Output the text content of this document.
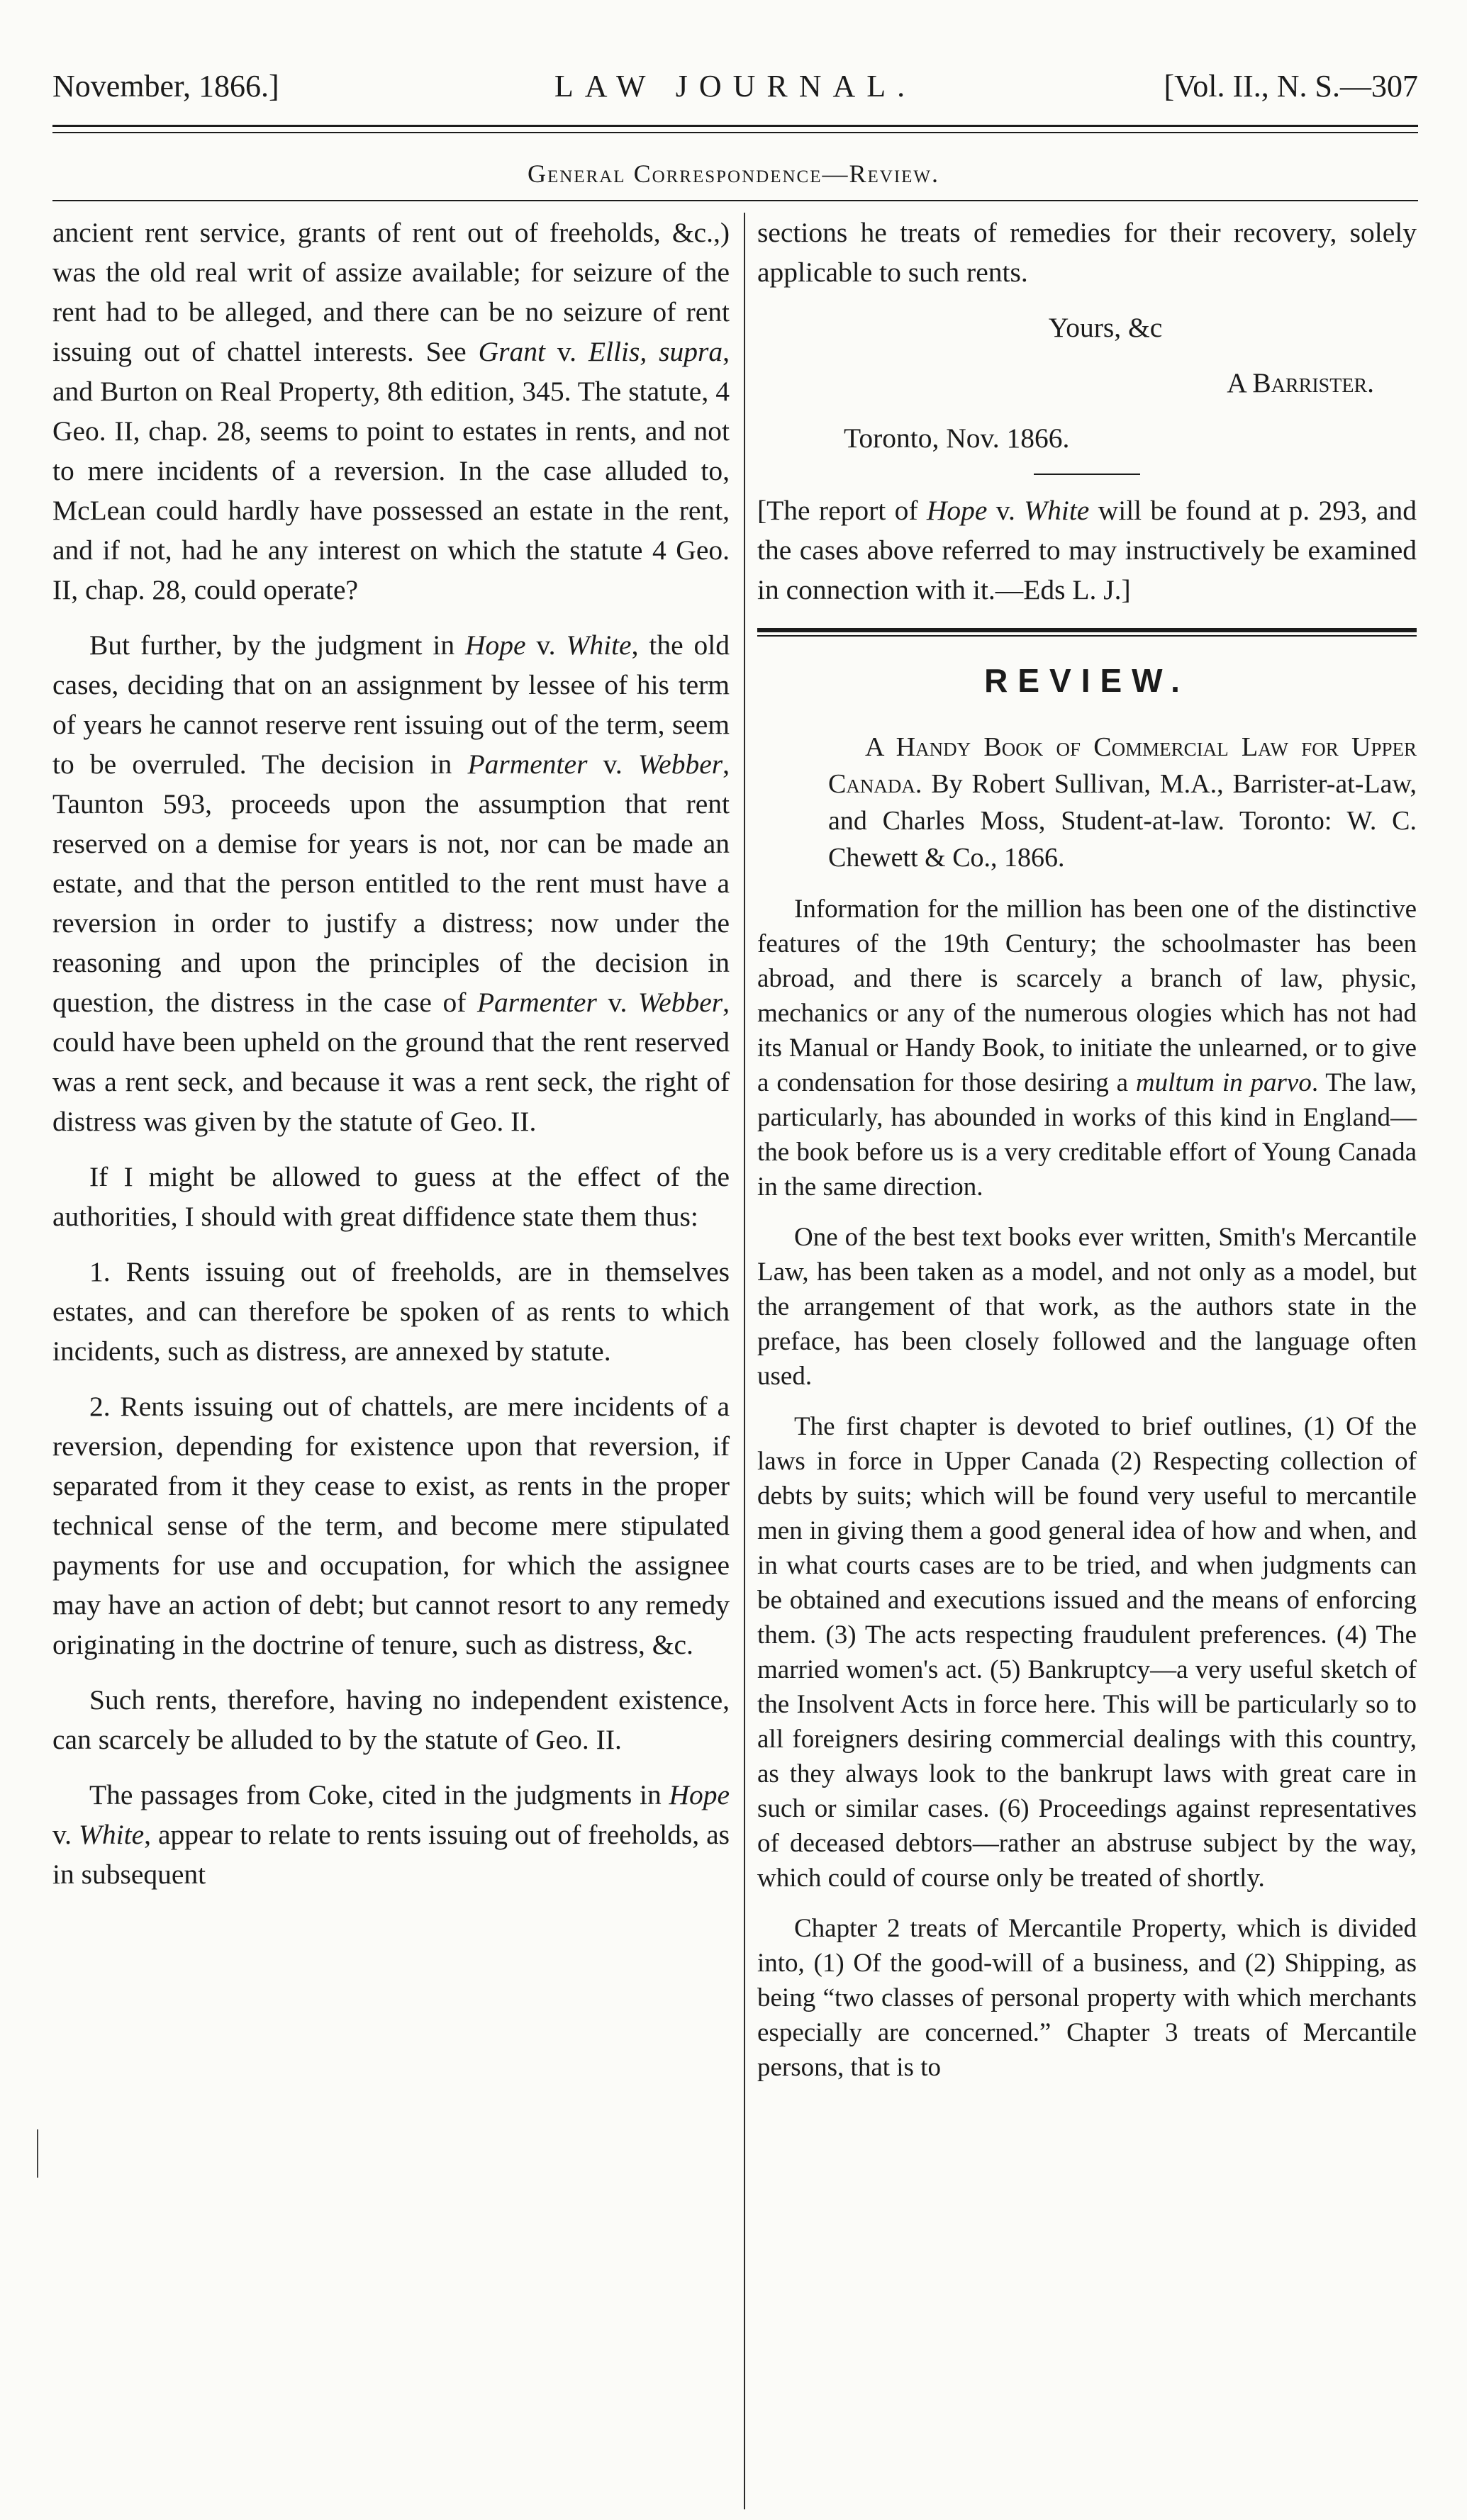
November, 1866.]	LAW JOURNAL.	[Vol. II., N. S.—307
General Correspondence—Review.

ancient rent service, grants of rent out of freeholds, &c.,) was the old real writ of assize available; for seizure of the rent had to be alleged, and there can be no seizure of rent issuing out of chattel interests. See Grant v. Ellis, supra, and Burton on Real Property, 8th edition, 345. The statute, 4 Geo. II, chap. 28, seems to point to estates in rents, and not to mere incidents of a reversion. In the case alluded to, McLean could hardly have possessed an estate in the rent, and if not, had he any interest on which the statute 4 Geo. II, chap. 28, could operate?

But further, by the judgment in Hope v. White, the old cases, deciding that on an assignment by lessee of his term of years he cannot reserve rent issuing out of the term, seem to be overruled. The decision in Parmenter v. Webber, Taunton 593, proceeds upon the assumption that rent reserved on a demise for years is not, nor can be made an estate, and that the person entitled to the rent must have a reversion in order to justify a distress; now under the reasoning and upon the principles of the decision in question, the distress in the case of Parmenter v. Webber, could have been upheld on the ground that the rent reserved was a rent seck, and because it was a rent seck, the right of distress was given by the statute of Geo. II.

If I might be allowed to guess at the effect of the authorities, I should with great diffidence state them thus:

1. Rents issuing out of freeholds, are in themselves estates, and can therefore be spoken of as rents to which incidents, such as distress, are annexed by statute.

2. Rents issuing out of chattels, are mere incidents of a reversion, depending for existence upon that reversion, if separated from it they cease to exist, as rents in the proper technical sense of the term, and become mere stipulated payments for use and occupation, for which the assignee may have an action of debt; but cannot resort to any remedy originating in the doctrine of tenure, such as distress, &c.

Such rents, therefore, having no independent existence, can scarcely be alluded to by the statute of Geo. II.

The passages from Coke, cited in the judgments in Hope v. White, appear to relate to rents issuing out of freeholds, as in subsequent

sections he treats of remedies for their recovery, solely applicable to such rents.

Yours, &c

A Barrister.

Toronto, Nov. 1866.

[The report of Hope v. White will be found at p. 293, and the cases above referred to may instructively be examined in connection with it.—Eds L. J.]

REVIEW.

A Handy Book of Commercial Law for Upper Canada. By Robert Sullivan, M.A., Barrister-at-Law, and Charles Moss, Student-at-law. Toronto: W. C. Chewett & Co., 1866.

Information for the million has been one of the distinctive features of the 19th Century; the schoolmaster has been abroad, and there is scarcely a branch of law, physic, mechanics or any of the numerous ologies which has not had its Manual or Handy Book, to initiate the unlearned, or to give a condensation for those desiring a multum in parvo. The law, particularly, has abounded in works of this kind in England—the book before us is a very creditable effort of Young Canada in the same direction.

One of the best text books ever written, Smith's Mercantile Law, has been taken as a model, and not only as a model, but the arrangement of that work, as the authors state in the preface, has been closely followed and the language often used.

The first chapter is devoted to brief outlines, (1) Of the laws in force in Upper Canada (2) Respecting collection of debts by suits; which will be found very useful to mercantile men in giving them a good general idea of how and when, and in what courts cases are to be tried, and when judgments can be obtained and executions issued and the means of enforcing them. (3) The acts respecting fraudulent preferences. (4) The married women's act. (5) Bankruptcy—a very useful sketch of the Insolvent Acts in force here. This will be particularly so to all foreigners desiring commercial dealings with this country, as they always look to the bankrupt laws with great care in such or similar cases. (6) Proceedings against representatives of deceased debtors—rather an abstruse subject by the way, which could of course only be treated of shortly.

Chapter 2 treats of Mercantile Property, which is divided into, (1) Of the good-will of a business, and (2) Shipping, as being “two classes of personal property with which merchants especially are concerned.” Chapter 3 treats of Mercantile persons, that is to
